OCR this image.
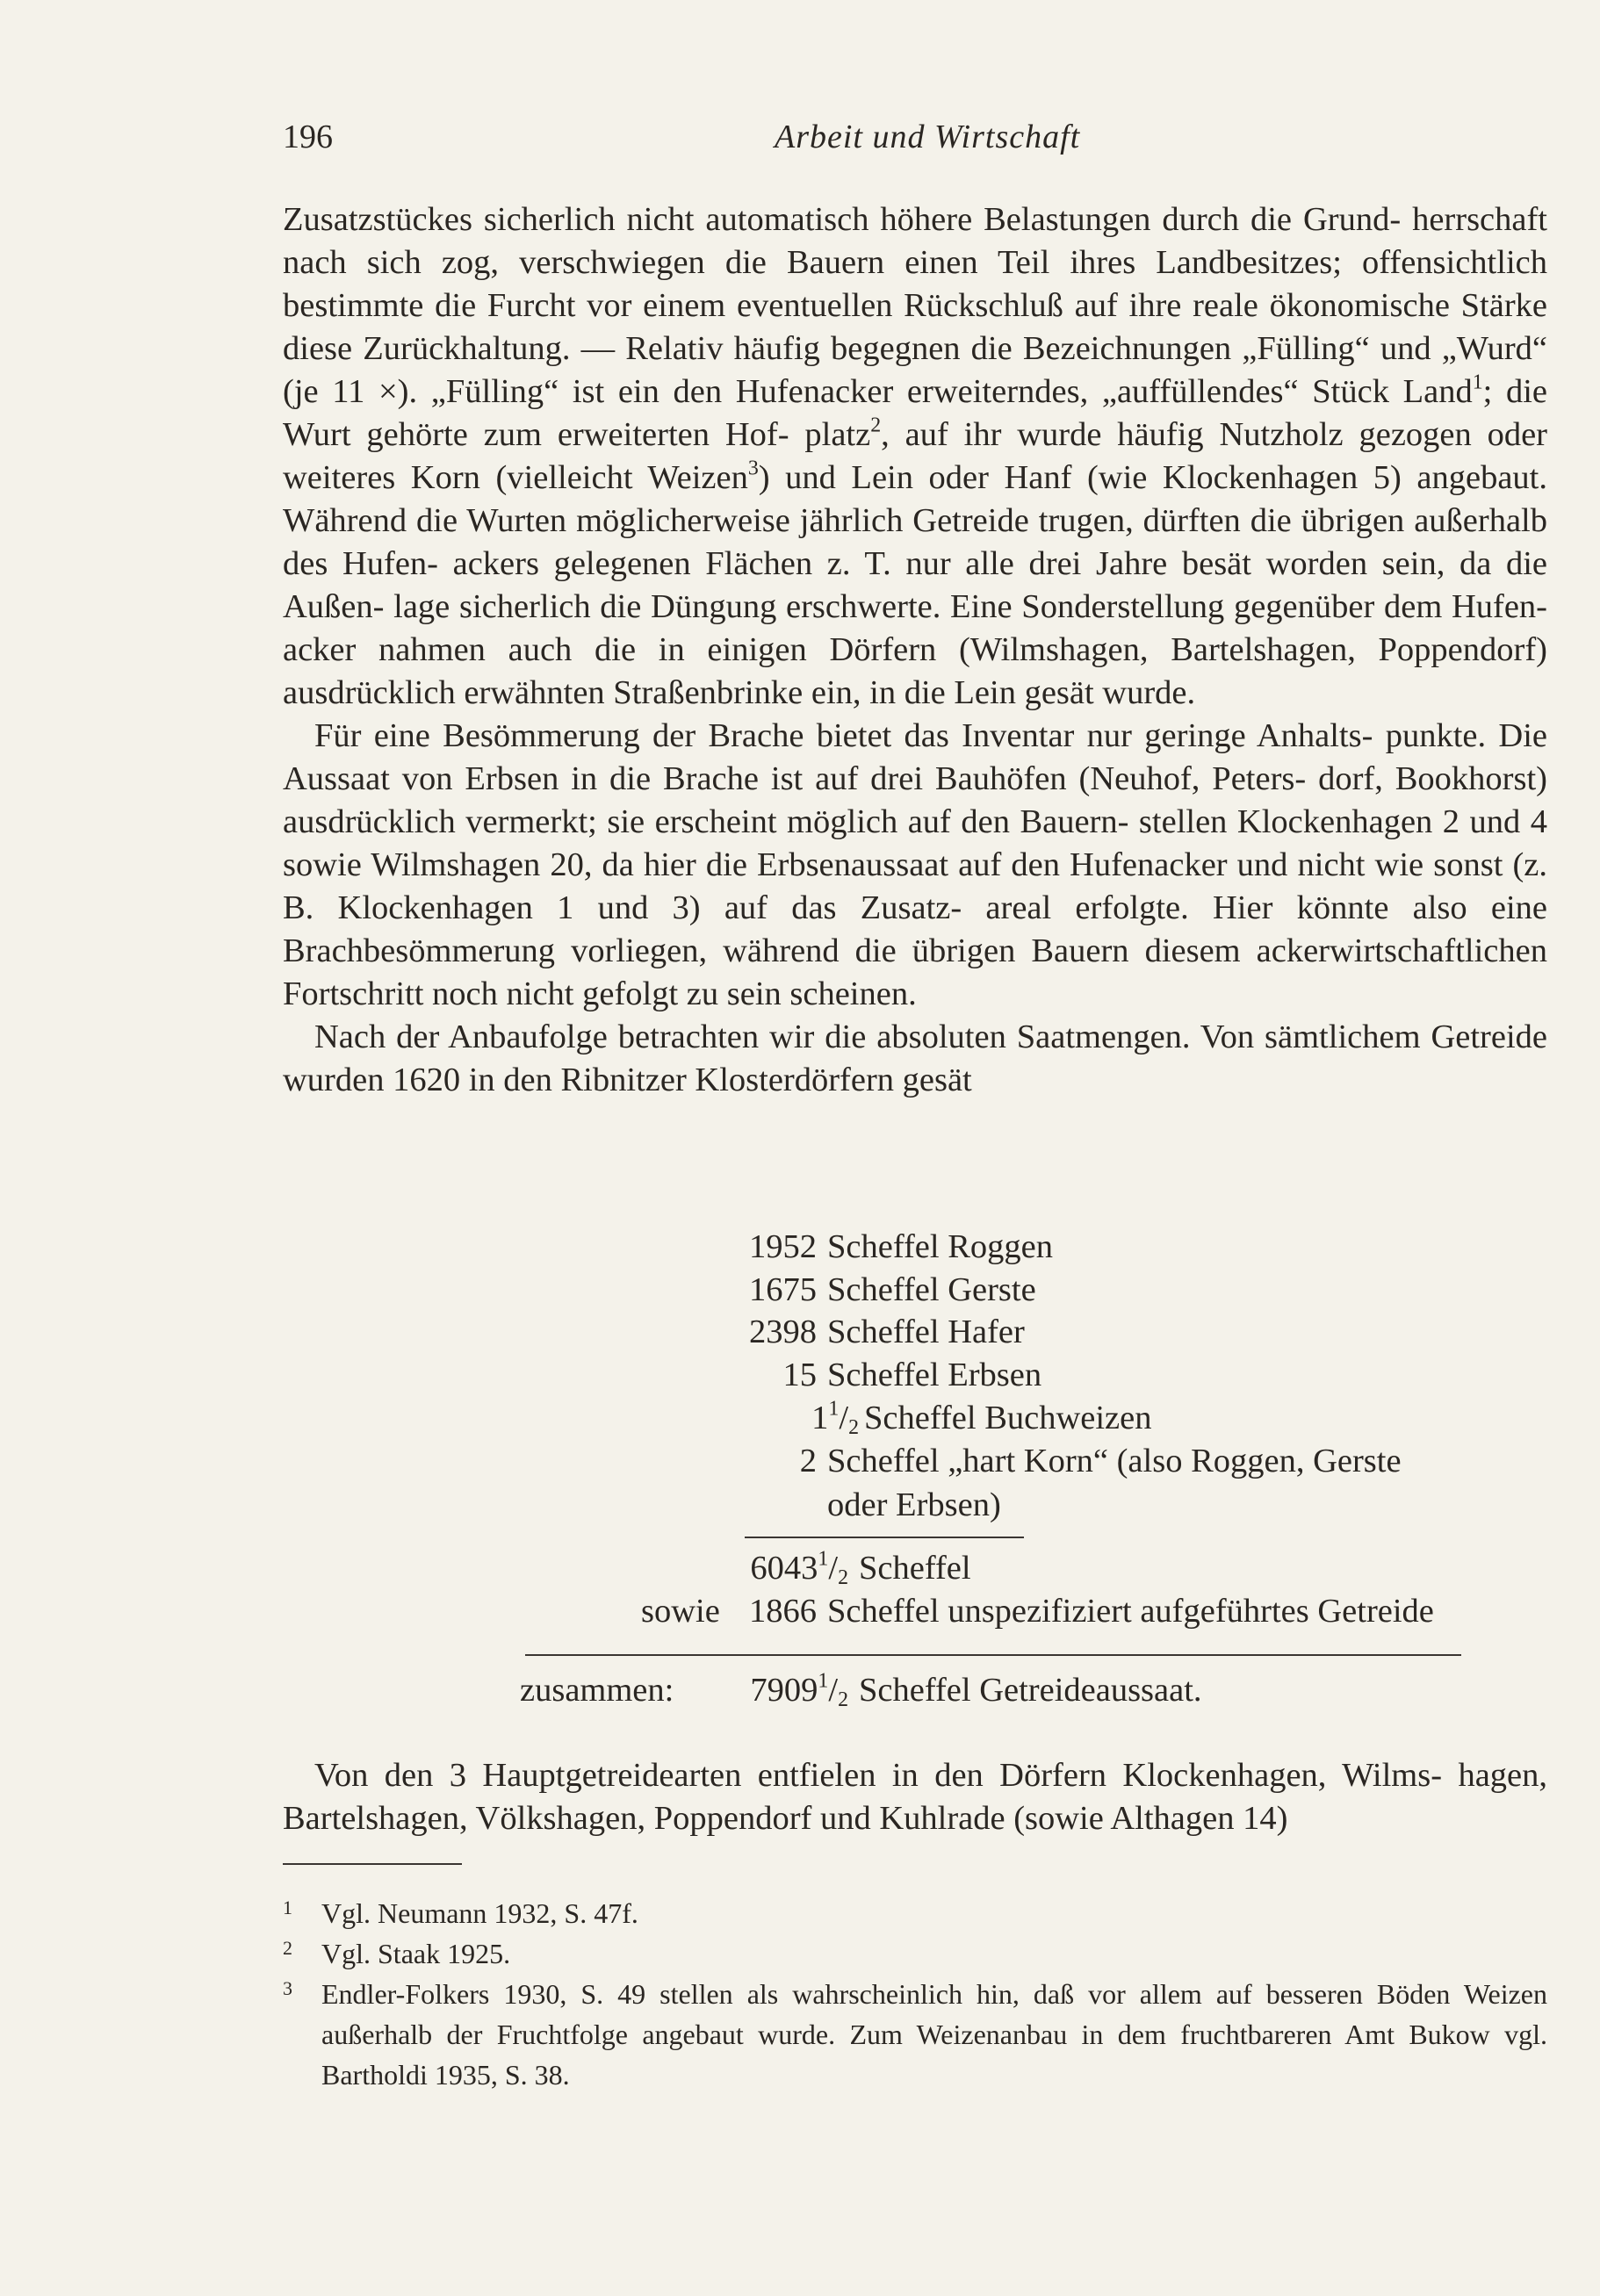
196	Arbeit und Wirtschaft

Zusatzstückes sicherlich nicht automatisch höhere Belastungen durch die Grund- herrschaft nach sich zog, verschwiegen die Bauern einen Teil ihres Landbesitzes; offensichtlich bestimmte die Furcht vor einem eventuellen Rückschluß auf ihre reale ökonomische Stärke diese Zurückhaltung. — Relativ häufig begegnen die Bezeichnungen „Fülling“ und „Wurd“ (je 11 ×). „Fülling“ ist ein den Hufenacker erweiterndes, „auffüllendes“ Stück Land$^1$; die Wurt gehörte zum erweiterten Hof- platz$^2$, auf ihr wurde häufig Nutzholz gezogen oder weiteres Korn (vielleicht Weizen$^3$) und Lein oder Hanf (wie Klockenhagen 5) angebaut. Während die Wurten möglicherweise jährlich Getreide trugen, dürften die übrigen außerhalb des Hufen- ackers gelegenen Flächen z. T. nur alle drei Jahre besät worden sein, da die Außen- lage sicherlich die Düngung erschwerte. Eine Sonderstellung gegenüber dem Hufen- acker nahmen auch die in einigen Dörfern (Wilmshagen, Bartelshagen, Poppendorf) ausdrücklich erwähnten Straßenbrinke ein, in die Lein gesät wurde.

Für eine Besömmerung der Brache bietet das Inventar nur geringe Anhalts- punkte. Die Aussaat von Erbsen in die Brache ist auf drei Bauhöfen (Neuhof, Peters- dorf, Bookhorst) ausdrücklich vermerkt; sie erscheint möglich auf den Bauern- stellen Klockenhagen 2 und 4 sowie Wilmshagen 20, da hier die Erbsenaussaat auf den Hufenacker und nicht wie sonst (z. B. Klockenhagen 1 und 3) auf das Zusatz- areal erfolgte. Hier könnte also eine Brachbesömmerung vorliegen, während die übrigen Bauern diesem ackerwirtschaftlichen Fortschritt noch nicht gefolgt zu sein scheinen.

Nach der Anbaufolge betrachten wir die absoluten Saatmengen. Von sämtlichem Getreide wurden 1620 in den Ribnitzer Klosterdörfern gesät

1952 Scheffel Roggen
1675 Scheffel Gerste
2398 Scheffel Hafer
15 Scheffel Erbsen
$1^1/_2$ Scheffel Buchweizen
2 Scheffel „hart Korn“ (also Roggen, Gerste
oder Erbsen)
$6043^1/_2$ Scheffel
sowie 1866 Scheffel unspezifiziert aufgeführtes Getreide
zusammen:	$7909^1/_2$ Scheffel Getreideaussaat.

Von den 3 Hauptgetreidearten entfielen in den Dörfern Klockenhagen, Wilms- hagen, Bartelshagen, Völkshagen, Poppendorf und Kuhlrade (sowie Althagen 14)

1 Vgl. Neumann 1932, S. 47f.
2 Vgl. Staak 1925.
3 Endler-Folkers 1930, S. 49 stellen als wahrscheinlich hin, daß vor allem auf besseren Böden Weizen außerhalb der Fruchtfolge angebaut wurde. Zum Weizenanbau in dem fruchtbareren Amt Bukow vgl. Bartholdi 1935, S. 38.
